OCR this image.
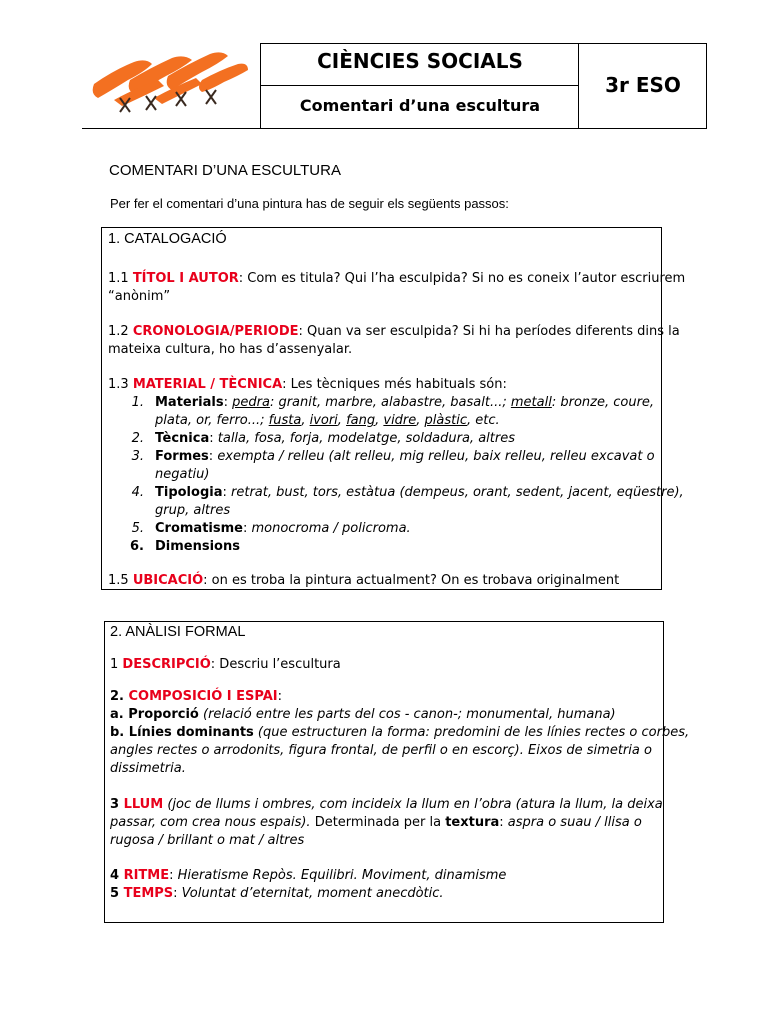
CIÈNCIES SOCIALS
Comentari d’una escultura
3r ESO
COMENTARI D’UNA ESCULTURA
Per fer el comentari d’una pintura has de seguir els següents passos:
1. CATALOGACIÓ
1.1 TÍTOL I AUTOR: Com es titula? Qui l’ha esculpida? Si no es coneix l’autor escriurem
“anònim”
1.2 CRONOLOGIA/PERIODE: Quan va ser esculpida? Si hi ha períodes diferents dins la
mateixa cultura, ho has d’assenyalar.
1.3 MATERIAL / TÈCNICA: Les tècniques més habituals són:
1. Materials: pedra: granit, marbre, alabastre, basalt...; metall: bronze, coure,
plata, or, ferro...; fusta, ivori, fang, vidre, plàstic, etc.
2. Tècnica: talla, fosa, forja, modelatge, soldadura, altres
3. Formes: exempta / relleu (alt relleu, mig relleu, baix relleu, relleu excavat o
negatiu)
4. Tipologia: retrat, bust, tors, estàtua (dempeus, orant, sedent, jacent, eqüestre),
grup, altres
5. Cromatisme: monocroma / policroma.
6. Dimensions
1.5 UBICACIÓ: on es troba la pintura actualment? On es trobava originalment
2. ANÀLISI FORMAL
1 DESCRIPCIÓ: Descriu l’escultura
2. COMPOSICIÓ I ESPAI:
a. Proporció (relació entre les parts del cos - canon-; monumental, humana)
b. Línies dominants (que estructuren la forma: predomini de les línies rectes o corbes,
angles rectes o arrodonits, figura frontal, de perfil o en escorç). Eixos de simetria o
dissimetria.
3 LLUM (joc de llums i ombres, com incideix la llum en l’obra (atura la llum, la deixa
passar, com crea nous espais). Determinada per la textura: aspra o suau / llisa o
rugosa / brillant o mat / altres
4 RITME: Hieratisme Repòs. Equilibri. Moviment, dinamisme
5 TEMPS: Voluntat d’eternitat, moment anecdòtic.
